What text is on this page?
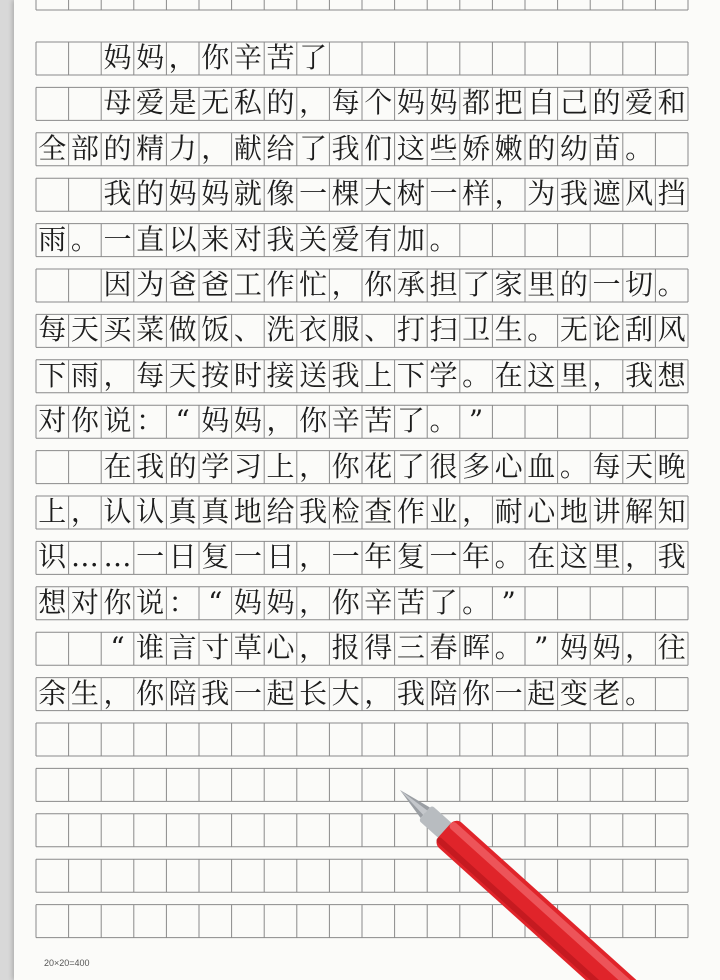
妈 妈 ， 你 辛 苦 了
母 爱 是 无 私 的 ， 每 个 妈 妈 都 把 自 己 的 爱 和
全 部 的 精 力 ， 献 给 了 我 们 这 些 娇 嫩 的 幼 苗 。
我 的 妈 妈 就 像 一 棵 大 树 一 样 ， 为 我 遮 风 挡
雨 。 一 直 以 来 对 我 关 爱 有 加 。
因 为 爸 爸 工 作 忙 ， 你 承 担 了 家 里 的 一 切 。
每 天 买 菜 做 饭 、 洗 衣 服 、 打 扫 卫 生 。 无 论 刮 风
下 雨 ， 每 天 按 时 接 送 我 上 下 学 。 在 这 里 ， 我 想
对 你 说 ： “ 妈 妈 ， 你 辛 苦 了 。 ”
在 我 的 学 习 上 ， 你 花 了 很 多 心 血 。 每 天 晚
上 ， 认 认 真 真 地 给 我 检 查 作 业 ， 耐 心 地 讲 解 知
识 … … 一 日 复 一 日 ， 一 年 复 一 年 。 在 这 里 ， 我
想 对 你 说 ： “ 妈 妈 ， 你 辛 苦 了 。 ”
“ 谁 言 寸 草 心 ， 报 得 三 春 晖 。 ” 妈 妈 ， 往
余 生 ， 你 陪 我 一 起 长 大 ， 我 陪 你 一 起 变 老 。
20×20=400
